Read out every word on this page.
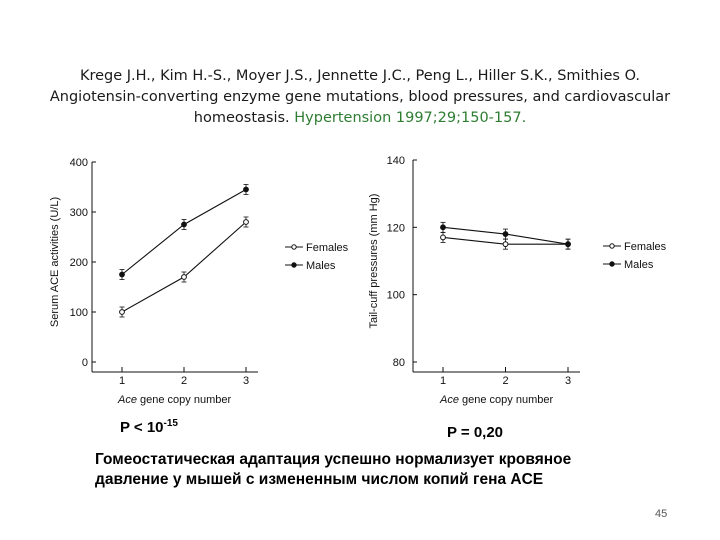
Krege J.H., Kim H.-S., Moyer J.S., Jennette J.C., Peng L., Hiller S.K., Smithies O.
Angiotensin-converting enzyme gene mutations, blood pressures, and cardiovascular homeostasis. Hypertension 1997;29;150-157.
0
100
200
300
400
1	2	3
Serum ACE activities (U/L)
Ace gene copy number
Females
Males
80
100
120
140
1	2	3
Tail-cuff pressures (mm Hg)
Ace gene copy number
Females
Males
$P < 10^{-15}$
P = 0,20
Гомеостатическая адаптация успешно нормализует кровяное давление у мышей с измененным числом копий гена ACE
45
